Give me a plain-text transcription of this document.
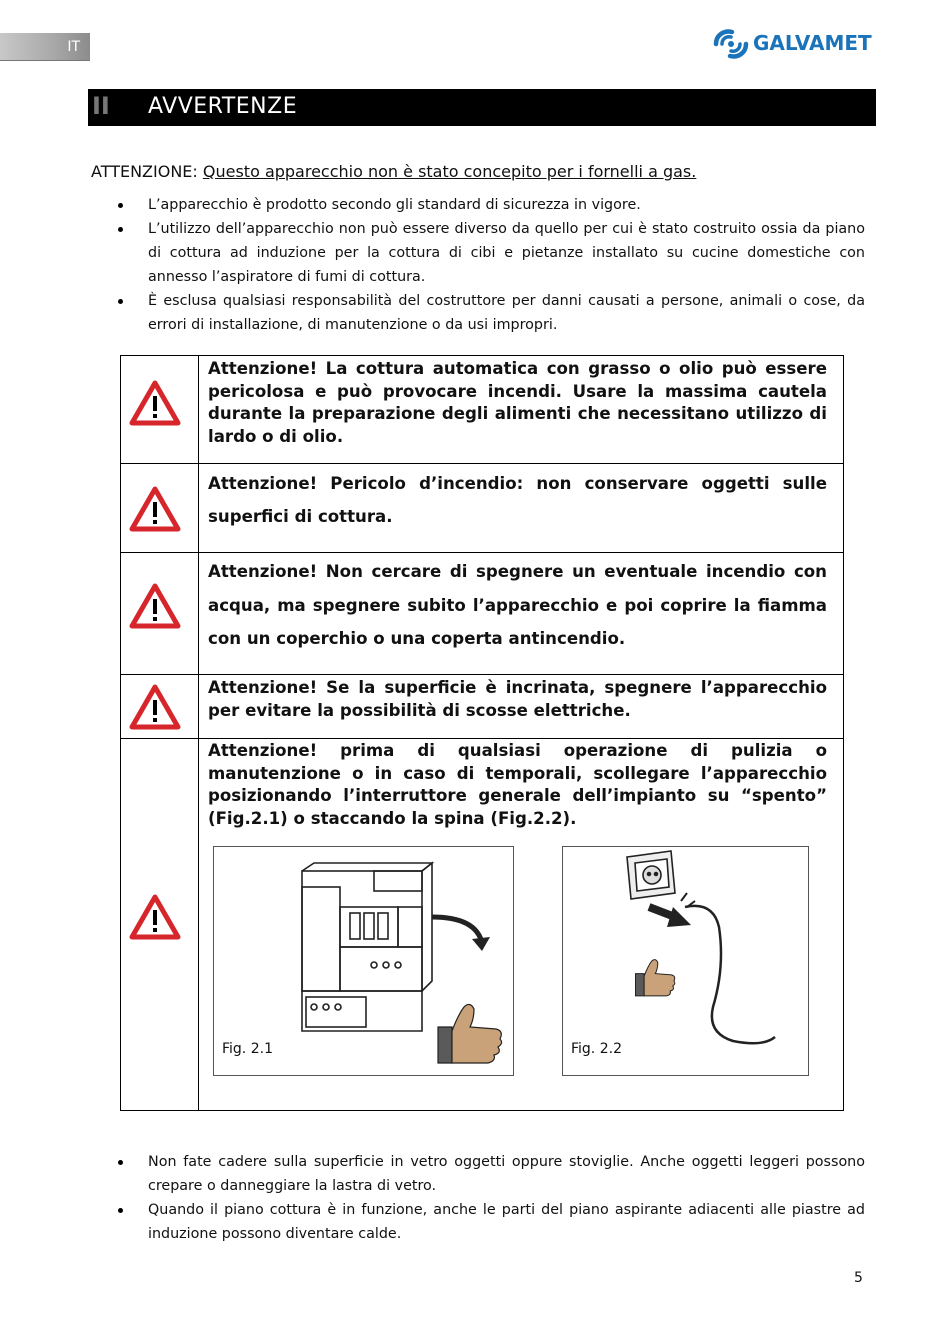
IT	GALVAMET
II AVVERTENZE
ATTENZIONE: Questo apparecchio non è stato concepito per i fornelli a gas.
L’apparecchio è prodotto secondo gli standard di sicurezza in vigore.
L’utilizzo dell’apparecchio non può essere diverso da quello per cui è stato costruito ossia da piano di cottura ad induzione per la cottura di cibi e pietanze installato su cucine domestiche con annesso l’aspiratore di fumi di cottura.
È esclusa qualsiasi responsabilità del costruttore per danni causati a persone, animali o cose, da errori di installazione, di manutenzione o da usi impropri.
Attenzione! La cottura automatica con grasso o olio può essere pericolosa e può provocare incendi. Usare la massima cautela durante la preparazione degli alimenti che necessitano utilizzo di lardo o di olio.
Attenzione! Pericolo d’incendio: non conservare oggetti sulle superfici di cottura.
Attenzione! Non cercare di spegnere un eventuale incendio con acqua, ma spegnere subito l’apparecchio e poi coprire la fiamma con un coperchio o una coperta antincendio.
Attenzione! Se la superficie è incrinata, spegnere l’apparecchio per evitare la possibilità di scosse elettriche.
Attenzione! prima di qualsiasi operazione di pulizia o manutenzione o in caso di temporali, scollegare l’apparecchio posizionando l’interruttore generale dell’impianto su “spento” (Fig.2.1) o staccando la spina (Fig.2.2).
Fig. 2.1	Fig. 2.2
Non fate cadere sulla superficie in vetro oggetti oppure stoviglie. Anche oggetti leggeri possono crepare o danneggiare la lastra di vetro.
Quando il piano cottura è in funzione, anche le parti del piano aspirante adiacenti alle piastre ad induzione possono diventare calde.
5
